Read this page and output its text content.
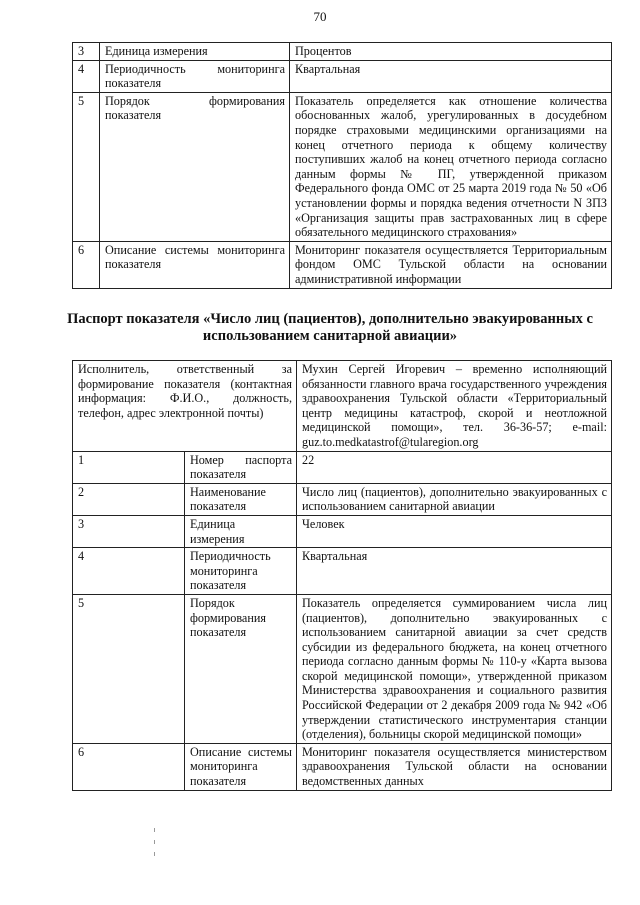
70
3	Единица измерения	Процентов
4	Периодичность мониторинга показателя	Квартальная
5	Порядок формирования показателя	Показатель определяется как отношение количества обоснованных жалоб, урегулированных в досудебном порядке страховыми медицинскими организациями на конец отчетного периода к общему количеству поступивших жалоб на конец отчетного периода согласно данным формы № ПГ, утвержденной приказом Федерального фонда ОМС от 25 марта 2019 года № 50 «Об установлении формы и порядка ведения отчетности N ЗПЗ «Организация защиты прав застрахованных лиц в сфере обязательного медицинского страхования»
6	Описание системы мониторинга показателя	Мониторинг показателя осуществляется Территориальным фондом ОМС Тульской области на основании административной информации
Паспорт показателя «Число лиц (пациентов), дополнительно эвакуированных с использованием санитарной авиации»
Исполнитель, ответственный за формирование показателя (контактная информация: Ф.И.О., должность, телефон, адрес электронной почты)		Мухин Сергей Игоревич – временно исполняющий обязанности главного врача государственного учреждения здравоохранения Тульской области «Территориальный центр медицины катастроф, скорой и неотложной медицинской помощи», тел. 36-36-57; e-mail: guz.to.medkatastrof@tularegion.org
1	Номер паспорта показателя	22
2	Наименование показателя	Число лиц (пациентов), дополнительно эвакуированных с использованием санитарной авиации
3	Единица измерения	Человек
4	Периодичность мониторинга показателя	Квартальная
5	Порядок формирования показателя	Показатель определяется суммированием числа лиц (пациентов), дополнительно эвакуированных с использованием санитарной авиации за счет средств субсидии из федерального бюджета, на конец отчетного периода согласно данным формы № 110-у «Карта вызова скорой медицинской помощи», утвержденной приказом Министерства здравоохранения и социального развития Российской Федерации от 2 декабря 2009 года № 942 «Об утверждении статистического инструментария станции (отделения), больницы скорой медицинской помощи»
6	Описание системы мониторинга показателя	Мониторинг показателя осуществляется министерством здравоохранения Тульской области на основании ведомственных данных
